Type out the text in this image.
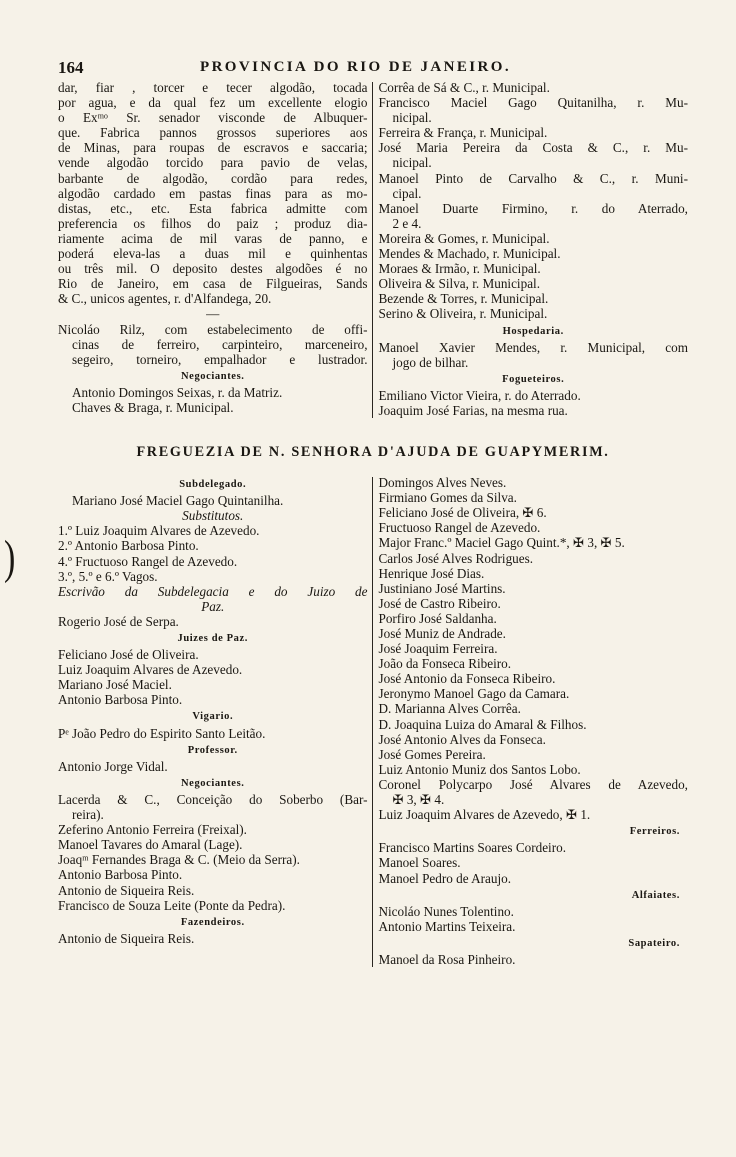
)
164	PROVINCIA DO RIO DE JANEIRO.
dar, fiar , torcer e tecer algodão, tocada
por agua, e da qual fez um excellente elogio
o Exᵐᵒ Sr. senador visconde de Albuquer-
que. Fabrica pannos grossos superiores aos
de Minas, para roupas de escravos e saccaria;
vende algodão torcido para pavio de velas,
barbante de algodão, cordão para redes,
algodão cardado em pastas finas para as mo-
distas, etc., etc. Esta fabrica admitte com
preferencia os filhos do paiz ; produz dia-
riamente acima de mil varas de panno, e
poderá eleva-las a duas mil e quinhentas
ou três mil. O deposito destes algodões é no
Rio de Janeiro, em casa de Filgueiras, Sands
& C., unicos agentes, r. d'Alfandega, 20.
—
Nicoláo Rilz, com estabelecimento de offi-
cinas de ferreiro, carpinteiro, marceneiro,
segeiro, torneiro, empalhador e lustrador.
Negociantes.
Antonio Domingos Seixas, r. da Matriz.
Chaves & Braga, r. Municipal.
Corrêa de Sá & C., r. Municipal.
Francisco Maciel Gago Quitanilha, r. Mu-
nicipal.
Ferreira & França, r. Municipal.
José Maria Pereira da Costa & C., r. Mu-
nicipal.
Manoel Pinto de Carvalho & C., r. Muni-
cipal.
Manoel Duarte Firmino, r. do Aterrado,
2 e 4.
Moreira & Gomes, r. Municipal.
Mendes & Machado, r. Municipal.
Moraes & Irmão, r. Municipal.
Oliveira & Silva, r. Municipal.
Bezende & Torres, r. Municipal.
Serino & Oliveira, r. Municipal.
Hospedaria.
Manoel Xavier Mendes, r. Municipal, com
jogo de bilhar.
Fogueteiros.
Emiliano Victor Vieira, r. do Aterrado.
Joaquim José Farias, na mesma rua.
FREGUEZIA DE N. SENHORA D'AJUDA DE GUAPYMERIM.
Subdelegado.
Mariano José Maciel Gago Quintanilha.
Substitutos.
1.º Luiz Joaquim Alvares de Azevedo.
2.º Antonio Barbosa Pinto.
4.º Fructuoso Rangel de Azevedo.
3.º, 5.º e 6.º Vagos.
Escrivão da Subdelegacia e do Juizo de
Paz.
Rogerio José de Serpa.
Juizes de Paz.
Feliciano José de Oliveira.
Luiz Joaquim Alvares de Azevedo.
Mariano José Maciel.
Antonio Barbosa Pinto.
Vigario.
Pᵉ João Pedro do Espirito Santo Leitão.
Professor.
Antonio Jorge Vidal.
Negociantes.
Lacerda & C., Conceição do Soberbo (Bar-
reira).
Zeferino Antonio Ferreira (Freixal).
Manoel Tavares do Amaral (Lage).
Joaqᵐ Fernandes Braga & C. (Meio da Serra).
Antonio Barbosa Pinto.
Antonio de Siqueira Reis.
Francisco de Souza Leite (Ponte da Pedra).
Fazendeiros.
Antonio de Siqueira Reis.
Domingos Alves Neves.
Firmiano Gomes da Silva.
Feliciano José de Oliveira, ✠ 6.
Fructuoso Rangel de Azevedo.
Major Franc.º Maciel Gago Quint.*, ✠ 3, ✠ 5.
Carlos José Alves Rodrigues.
Henrique José Dias.
Justiniano José Martins.
José de Castro Ribeiro.
Porfiro José Saldanha.
José Muniz de Andrade.
José Joaquim Ferreira.
João da Fonseca Ribeiro.
José Antonio da Fonseca Ribeiro.
Jeronymo Manoel Gago da Camara.
D. Marianna Alves Corrêa.
D. Joaquina Luiza do Amaral & Filhos.
José Antonio Alves da Fonseca.
José Gomes Pereira.
Luiz Antonio Muniz dos Santos Lobo.
Coronel Polycarpo José Alvares de Azevedo,
✠ 3, ✠ 4.
Luiz Joaquim Alvares de Azevedo, ✠ 1.
Ferreiros.
Francisco Martins Soares Cordeiro.
Manoel Soares.
Manoel Pedro de Araujo.
Alfaiates.
Nicoláo Nunes Tolentino.
Antonio Martins Teixeira.
Sapateiro.
Manoel da Rosa Pinheiro.
